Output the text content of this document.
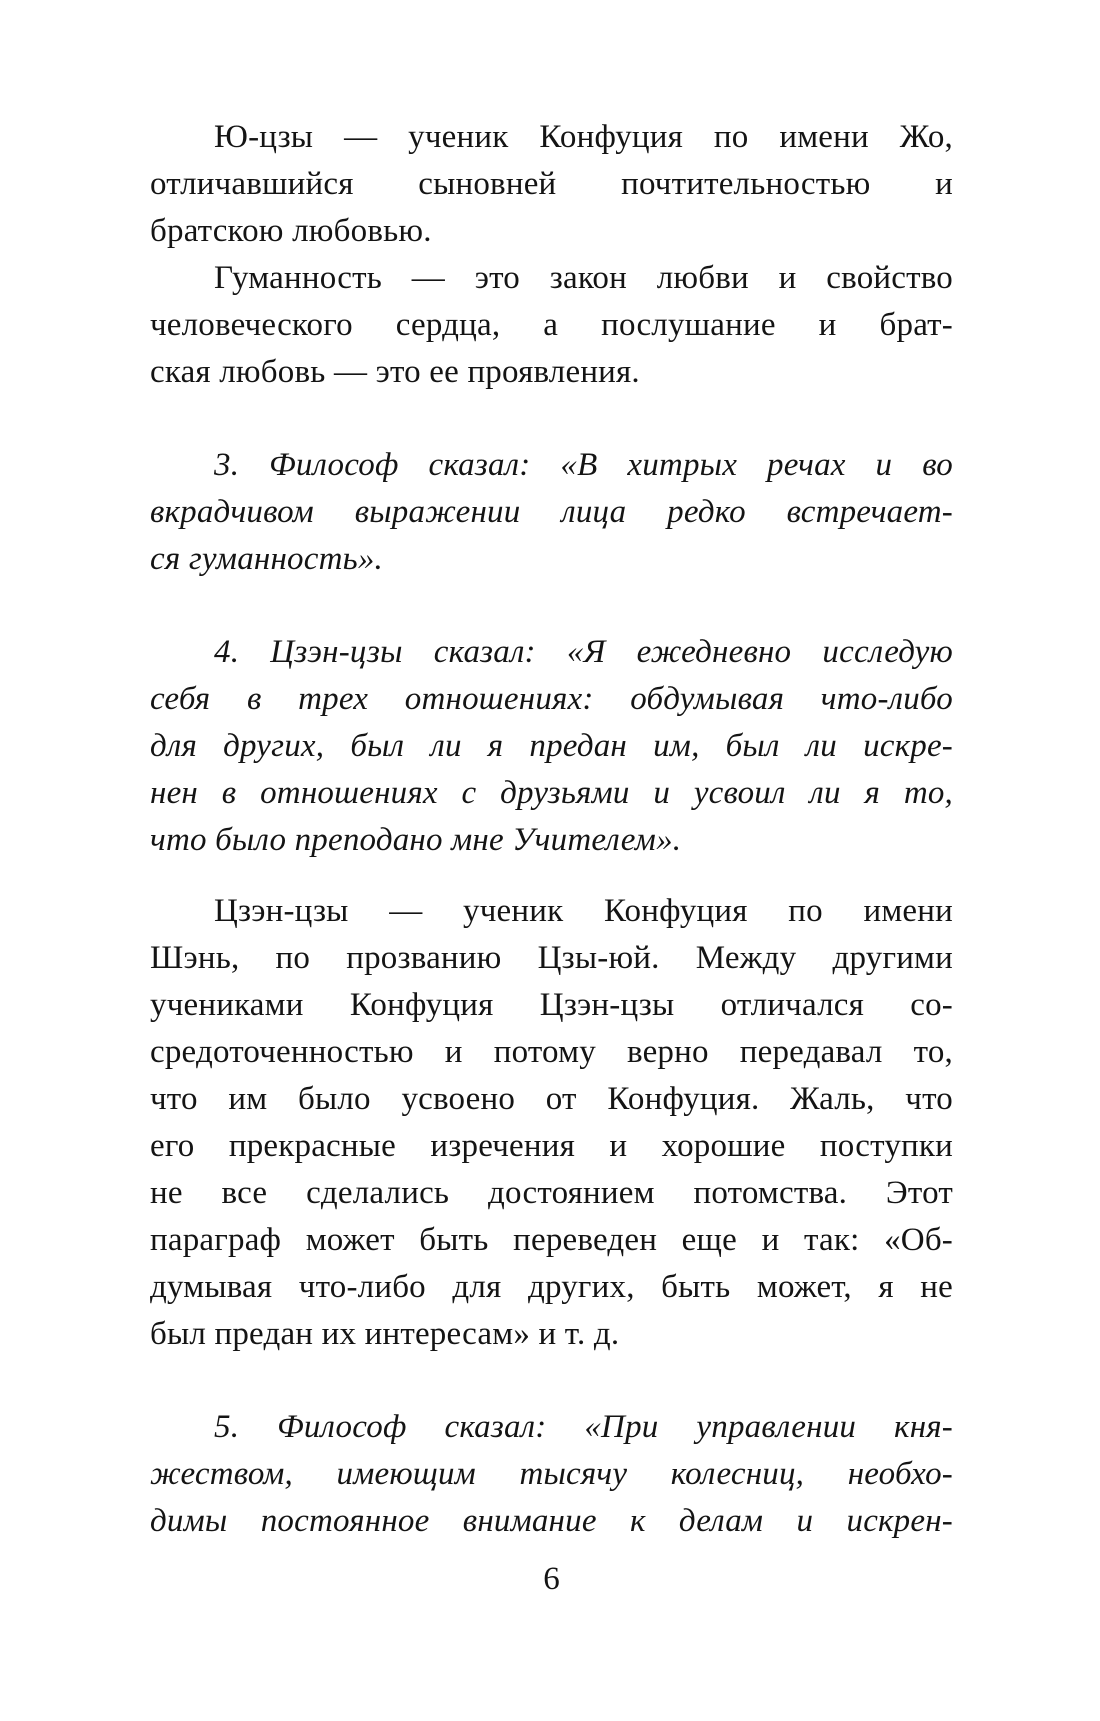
Ю-цзы — ученик Конфуция по имени Жо,
отличавшийся сыновней почтительностью и
братскою любовью.

Гуманность — это закон любви и свойство
человеческого сердца, а послушание и брат-
ская любовь — это ее проявления.

3. Философ сказал: «В хитрых речах и во
вкрадчивом выражении лица редко встречает-
ся гуманность».

4. Цзэн-цзы сказал: «Я ежедневно исследую
себя в трех отношениях: обдумывая что-либо
для других, был ли я предан им, был ли искре-
нен в отношениях с друзьями и усвоил ли я то,
что было преподано мне Учителем».

Цзэн-цзы — ученик Конфуция по имени
Шэнь, по прозванию Цзы-юй. Между другими
учениками Конфуция Цзэн-цзы отличался со-
средоточенностью и потому верно передавал то,
что им было усвоено от Конфуция. Жаль, что
его прекрасные изречения и хорошие поступки
не все сделались достоянием потомства. Этот
параграф может быть переведен еще и так: «Об-
думывая что-либо для других, быть может, я не
был предан их интересам» и т. д.

5. Философ сказал: «При управлении кня-
жеством, имеющим тысячу колесниц, необхо-
димы постоянное внимание к делам и искрен-

6
